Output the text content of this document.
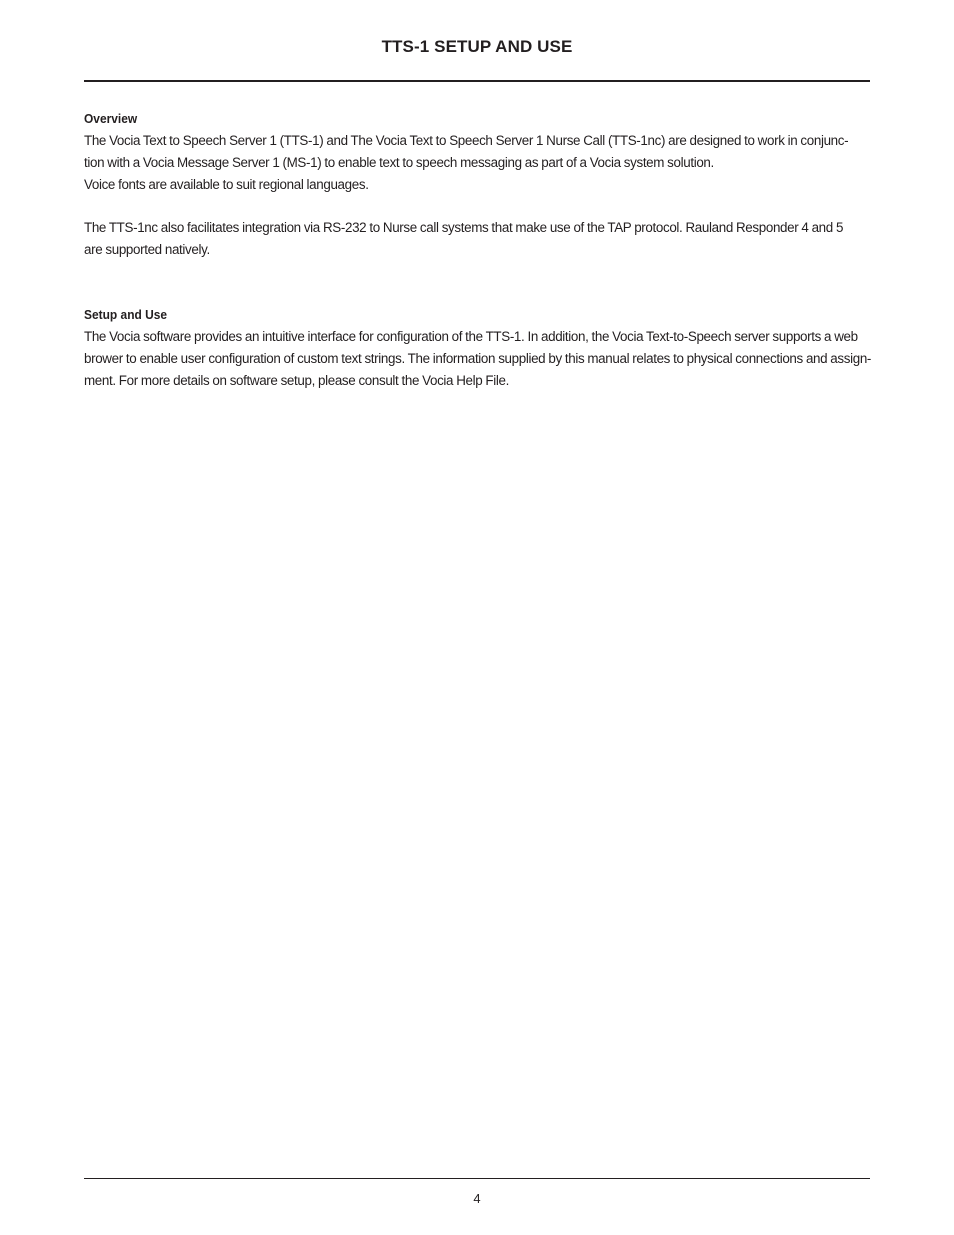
TTS-1 SETUP AND USE
Overview

The Vocia Text to Speech Server 1 (TTS-1) and The Vocia Text to Speech Server 1 Nurse Call (TTS-1nc) are designed to work in conjunc-
tion with a Vocia Message Server 1 (MS-1) to enable text to speech messaging as part of a Vocia system solution.
Voice fonts are available to suit regional languages.

The TTS-1nc also facilitates integration via RS-232 to Nurse call systems that make use of the TAP protocol. Rauland Responder 4 and 5
are supported natively.

Setup and Use

The Vocia software provides an intuitive interface for configuration of the TTS-1. In addition, the Vocia Text-to-Speech server supports a web
brower to enable user configuration of custom text strings. The information supplied by this manual relates to physical connections and assign-
ment. For more details on software setup, please consult the Vocia Help File.

4
